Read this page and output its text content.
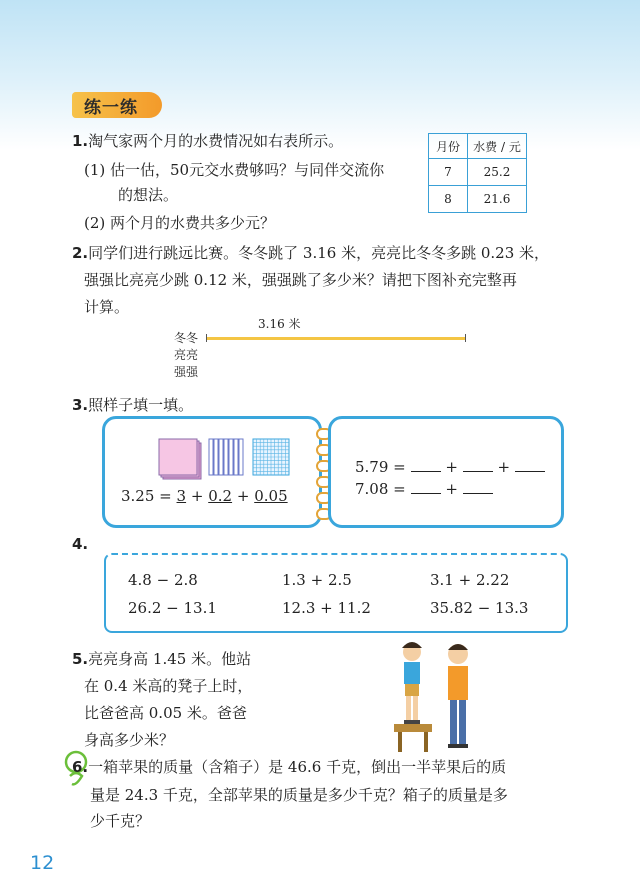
练一练
1.淘气家两个月的水费情况如右表所示。
(1) 估一估，50元交水费够吗？与同伴交流你
的想法。
(2) 两个月的水费共多少元？
月份	水费 / 元
7	25.2
8	21.6
2.同学们进行跳远比赛。冬冬跳了 3.16 米，亮亮比冬冬多跳 0.23 米，
强强比亮亮少跳 0.12 米，强强跳了多少米？请把下图补充完整再
计算。
3.16 米
冬冬
亮亮
强强
3.照样子填一填。
3.25 = 3 + 0.2 + 0.05
5.79 =	+	+
7.08 =	+
4.
4.8 − 2.8	1.3 + 2.5	3.1 + 2.22
26.2 − 13.1	12.3 + 11.2	35.82 − 13.3
5.亮亮身高 1.45 米。他站
在 0.4 米高的凳子上时，
比爸爸高 0.05 米。爸爸
身高多少米？
6.一箱苹果的质量（含箱子）是 46.6 千克，倒出一半苹果后的质
量是 24.3 千克，全部苹果的质量是多少千克？箱子的质量是多
少千克？
12
